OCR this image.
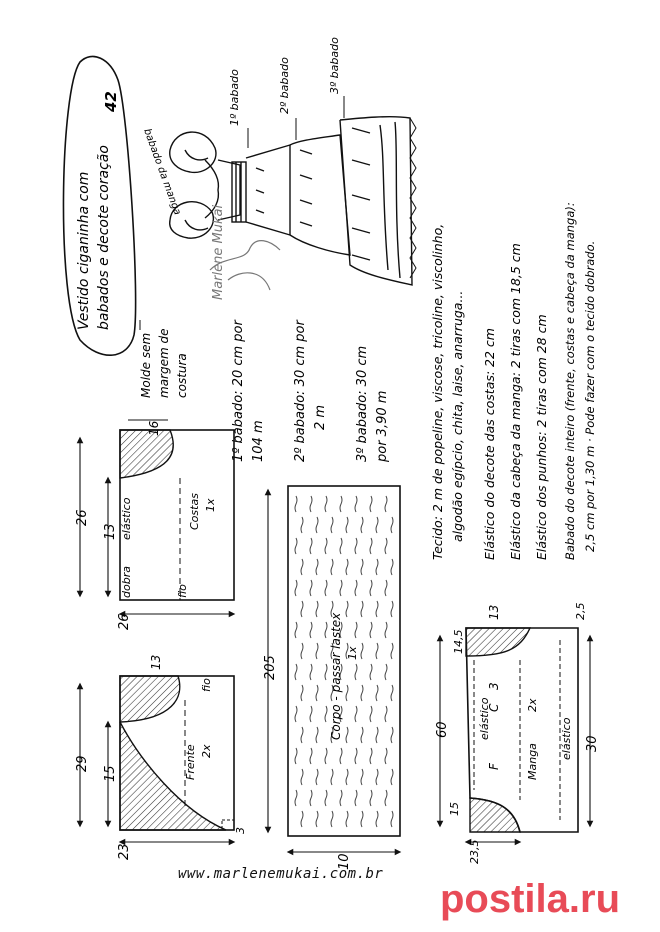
Vestido ciganinha com babados e decote coração
42
babado da manga
1º babado	2º babado	3º babado
Marlene Mukai
Molde sem margem de costura	1º babado: 20 cm por 104 m 2º babado: 30 cm por 2 m 3º babado: 30 cm por 3,90 m	Tecido: 2 m de popeline, viscose, tricoline, viscolinho, algodão egípcio, chita, laise, anarruga... Elástico do decote das costas: 22 cm Elástico da cabeça da manga: 2 tiras com 18,5 cm Elástico dos punhos: 2 tiras com 28 cm Babado do decote inteiro (frente, costas e cabeça da manga): 2,5 cm por 1,30 m · Pode fazer com o tecido dobrado.
26
13
16
elástico	Costas 1x
dobra	fio
26
29
15
13
Frente 2x
fio
23
3
205	Corpo - passar lastex 1x
10
60
14,5
13	2,5
elástico
F
C
3
2x
Manga
elástico 30
15
23,5
www.marlenemukai.com.br
postila.ru
